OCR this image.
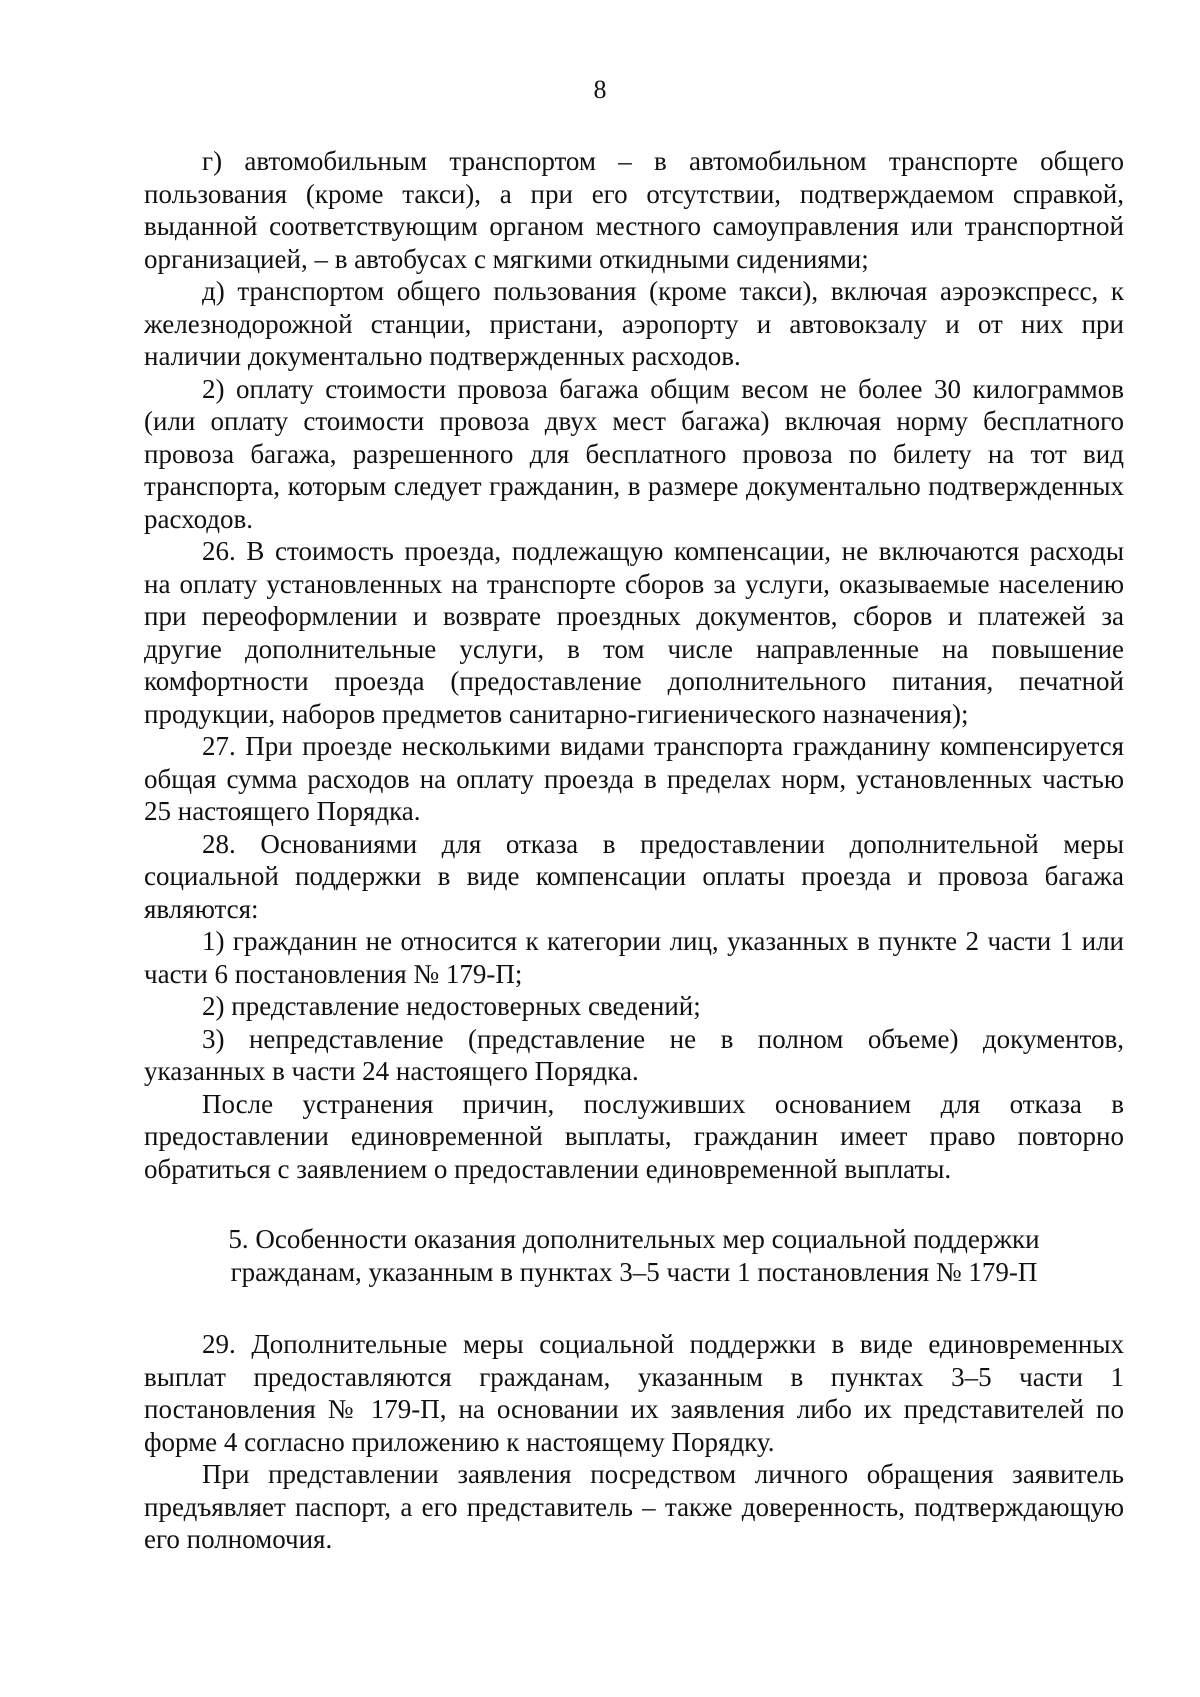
8

г) автомобильным транспортом – в автомобильном транспорте общего пользования (кроме такси), а при его отсутствии, подтверждаемом справкой, выданной соответствующим органом местного самоуправления или транспортной организацией, – в автобусах с мягкими откидными сидениями;

д) транспортом общего пользования (кроме такси), включая аэроэкспресс, к железнодорожной станции, пристани, аэропорту и автовокзалу и от них при наличии документально подтвержденных расходов.

2) оплату стоимости провоза багажа общим весом не более 30 килограммов (или оплату стоимости провоза двух мест багажа) включая норму бесплатного провоза багажа, разрешенного для бесплатного провоза по билету на тот вид транспорта, которым следует гражданин, в размере документально подтвержденных расходов.

26. В стоимость проезда, подлежащую компенсации, не включаются расходы на оплату установленных на транспорте сборов за услуги, оказываемые населению при переоформлении и возврате проездных документов, сборов и платежей за другие дополнительные услуги, в том числе направленные на повышение комфортности проезда (предоставление дополнительного питания, печатной продукции, наборов предметов санитарно-гигиенического назначения);

27. При проезде несколькими видами транспорта гражданину компенсируется общая сумма расходов на оплату проезда в пределах норм, установленных частью 25 настоящего Порядка.

28. Основаниями для отказа в предоставлении дополнительной меры социальной поддержки в виде компенсации оплаты проезда и провоза багажа являются:

1) гражданин не относится к категории лиц, указанных в пункте 2 части 1 или части 6 постановления № 179-П;

2) представление недостоверных сведений;

3) непредставление (представление не в полном объеме) документов, указанных в части 24 настоящего Порядка.

После устранения причин, послуживших основанием для отказа в предоставлении единовременной выплаты, гражданин имеет право повторно обратиться с заявлением о предоставлении единовременной выплаты.

5. Особенности оказания дополнительных мер социальной поддержки гражданам, указанным в пунктах 3–5 части 1 постановления № 179-П

29. Дополнительные меры социальной поддержки в виде единовременных выплат предоставляются гражданам, указанным в пунктах 3–5 части 1 постановления № 179-П, на основании их заявления либо их представителей по форме 4 согласно приложению к настоящему Порядку.

При представлении заявления посредством личного обращения заявитель предъявляет паспорт, а его представитель – также доверенность, подтверждающую его полномочия.
